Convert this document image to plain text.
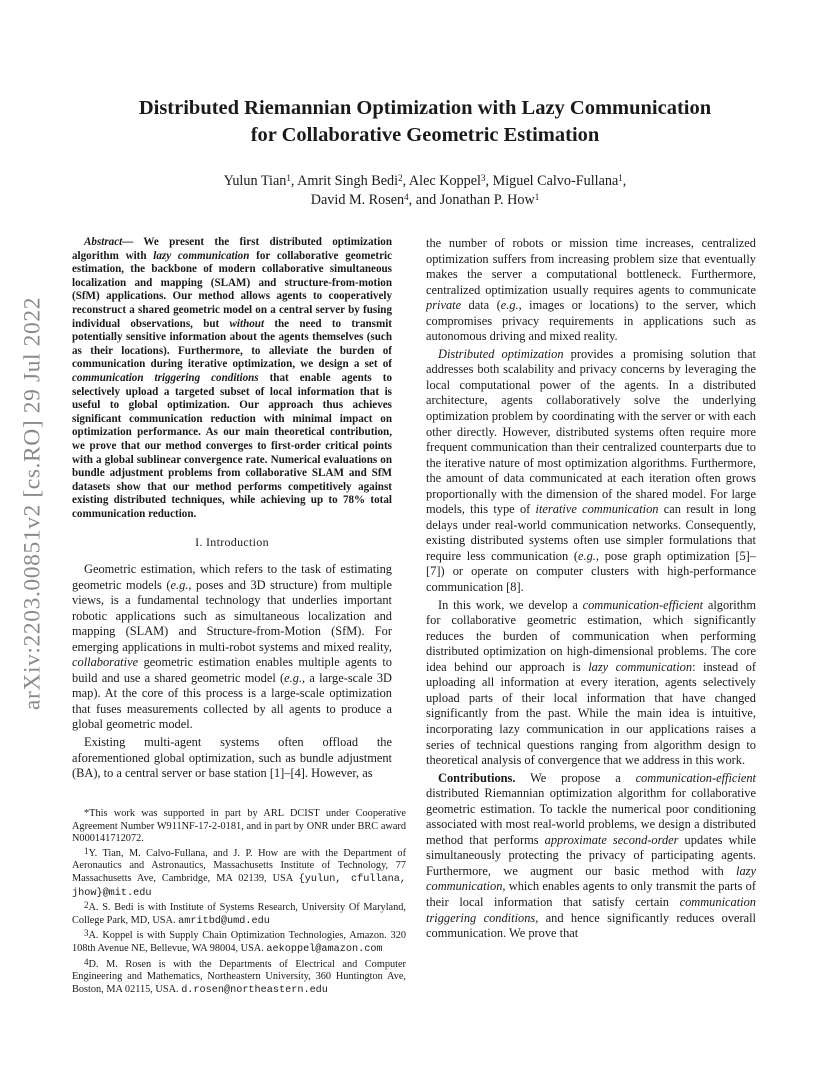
arXiv:2203.00851v2 [cs.RO] 29 Jul 2022
Distributed Riemannian Optimization with Lazy Communication
for Collaborative Geometric Estimation
Yulun Tian$^1$, Amrit Singh Bedi$^2$, Alec Koppel$^3$, Miguel Calvo-Fullana$^1$,
David M. Rosen$^4$, and Jonathan P. How$^1$

Abstract— We present the first distributed optimization algorithm with lazy communication for collaborative geometric estimation, the backbone of modern collaborative simultaneous localization and mapping (SLAM) and structure-from-motion (SfM) applications. Our method allows agents to cooperatively reconstruct a shared geometric model on a central server by fusing individual observations, but without the need to transmit potentially sensitive information about the agents themselves (such as their locations). Furthermore, to alleviate the burden of communication during iterative optimization, we design a set of communication triggering conditions that enable agents to selectively upload a targeted subset of local information that is useful to global optimization. Our approach thus achieves significant communication reduction with minimal impact on optimization performance. As our main theoretical contribution, we prove that our method converges to first-order critical points with a global sublinear convergence rate. Numerical evaluations on bundle adjustment problems from collaborative SLAM and SfM datasets show that our method performs competitively against existing distributed techniques, while achieving up to 78% total communication reduction.

I. Introduction

Geometric estimation, which refers to the task of estimating geometric models (e.g., poses and 3D structure) from multiple views, is a fundamental technology that underlies important robotic applications such as simultaneous localization and mapping (SLAM) and Structure-from-Motion (SfM). For emerging applications in multi-robot systems and mixed reality, collaborative geometric estimation enables multiple agents to build and use a shared geometric model (e.g., a large-scale 3D map). At the core of this process is a large-scale optimization that fuses measurements collected by all agents to produce a global geometric model.

Existing multi-agent systems often offload the aforementioned global optimization, such as bundle adjustment (BA), to a central server or base station [1]–[4]. However, as

*This work was supported in part by ARL DCIST under Cooperative Agreement Number W911NF-17-2-0181, and in part by ONR under BRC award N000141712072.

$^1$Y. Tian, M. Calvo-Fullana, and J. P. How are with the Department of Aeronautics and Astronautics, Massachusetts Institute of Technology, 77 Massachusetts Ave, Cambridge, MA 02139, USA {yulun, cfullana, jhow}@mit.edu

$^2$A. S. Bedi is with Institute of Systems Research, University Of Maryland, College Park, MD, USA. amritbd@umd.edu

$^3$A. Koppel is with Supply Chain Optimization Technologies, Amazon. 320 108th Avenue NE, Bellevue, WA 98004, USA. aekoppel@amazon.com

$^4$D. M. Rosen is with the Departments of Electrical and Computer Engineering and Mathematics, Northeastern University, 360 Huntington Ave, Boston, MA 02115, USA. d.rosen@northeastern.edu

the number of robots or mission time increases, centralized optimization suffers from increasing problem size that eventually makes the server a computational bottleneck. Furthermore, centralized optimization usually requires agents to communicate private data (e.g., images or locations) to the server, which compromises privacy requirements in applications such as autonomous driving and mixed reality.

Distributed optimization provides a promising solution that addresses both scalability and privacy concerns by leveraging the local computational power of the agents. In a distributed architecture, agents collaboratively solve the underlying optimization problem by coordinating with the server or with each other directly. However, distributed systems often require more frequent communication than their centralized counterparts due to the iterative nature of most optimization algorithms. Furthermore, the amount of data communicated at each iteration often grows proportionally with the dimension of the shared model. For large models, this type of iterative communication can result in long delays under real-world communication networks. Consequently, existing distributed systems often use simpler formulations that require less communication (e.g., pose graph optimization [5]–[7]) or operate on computer clusters with high-performance communication [8].

In this work, we develop a communication-efficient algorithm for collaborative geometric estimation, which significantly reduces the burden of communication when performing distributed optimization on high-dimensional problems. The core idea behind our approach is lazy communication: instead of uploading all information at every iteration, agents selectively upload parts of their local information that have changed significantly from the past. While the main idea is intuitive, incorporating lazy communication in our applications raises a series of technical questions ranging from algorithm design to theoretical analysis of convergence that we address in this work.

Contributions. We propose a communication-efficient distributed Riemannian optimization algorithm for collaborative geometric estimation. To tackle the numerical poor conditioning associated with most real-world problems, we design a distributed method that performs approximate second-order updates while simultaneously protecting the privacy of participating agents. Furthermore, we augment our basic method with lazy communication, which enables agents to only transmit the parts of their local information that satisfy certain communication triggering conditions, and hence significantly reduces overall communication. We prove that
